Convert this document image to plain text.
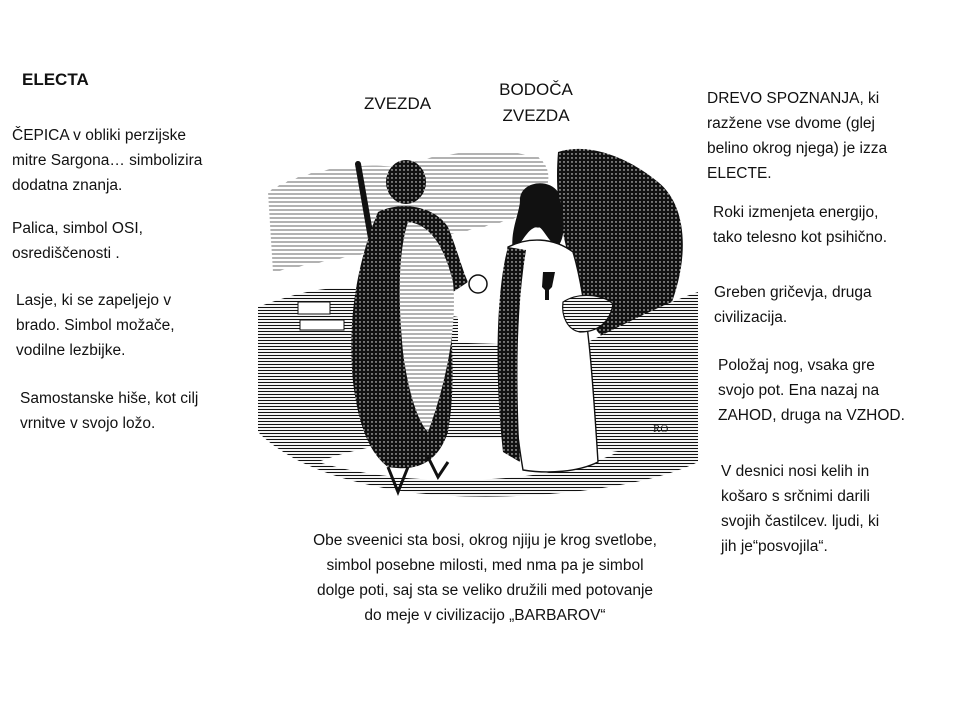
ELECTA
ZVEZDA
BODOČA
ZVEZDA
ČEPICA v obliki perzijske
mitre Sargona… simbolizira
dodatna znanja.
Palica, simbol OSI,
osrediščenosti .
Lasje, ki se zapeljejo v
brado. Simbol možače,
vodilne lezbijke.
Samostanske hiše, kot cilj
vrnitve v svojo ložo.
DREVO SPOZNANJA, ki
razžene vse dvome (glej
belino okrog njega) je izza
ELECTE.
Roki izmenjeta energijo,
tako telesno kot psihično.
Greben gričevja, druga
civilizacija.
Položaj nog, vsaka gre
svojo pot. Ena nazaj na
ZAHOD, druga na VZHOD.
V desnici nosi kelih in
košaro s srčnimi darili
svojih častilcev. ljudi, ki
jih je“posvojila“.
Obe sveenici sta bosi, okrog njiju je krog svetlobe,
simbol posebne milosti, med nma pa je simbol
dolge poti, saj sta se veliko družili med potovanje
do meje v civilizacijo „BARBAROV“
RO
